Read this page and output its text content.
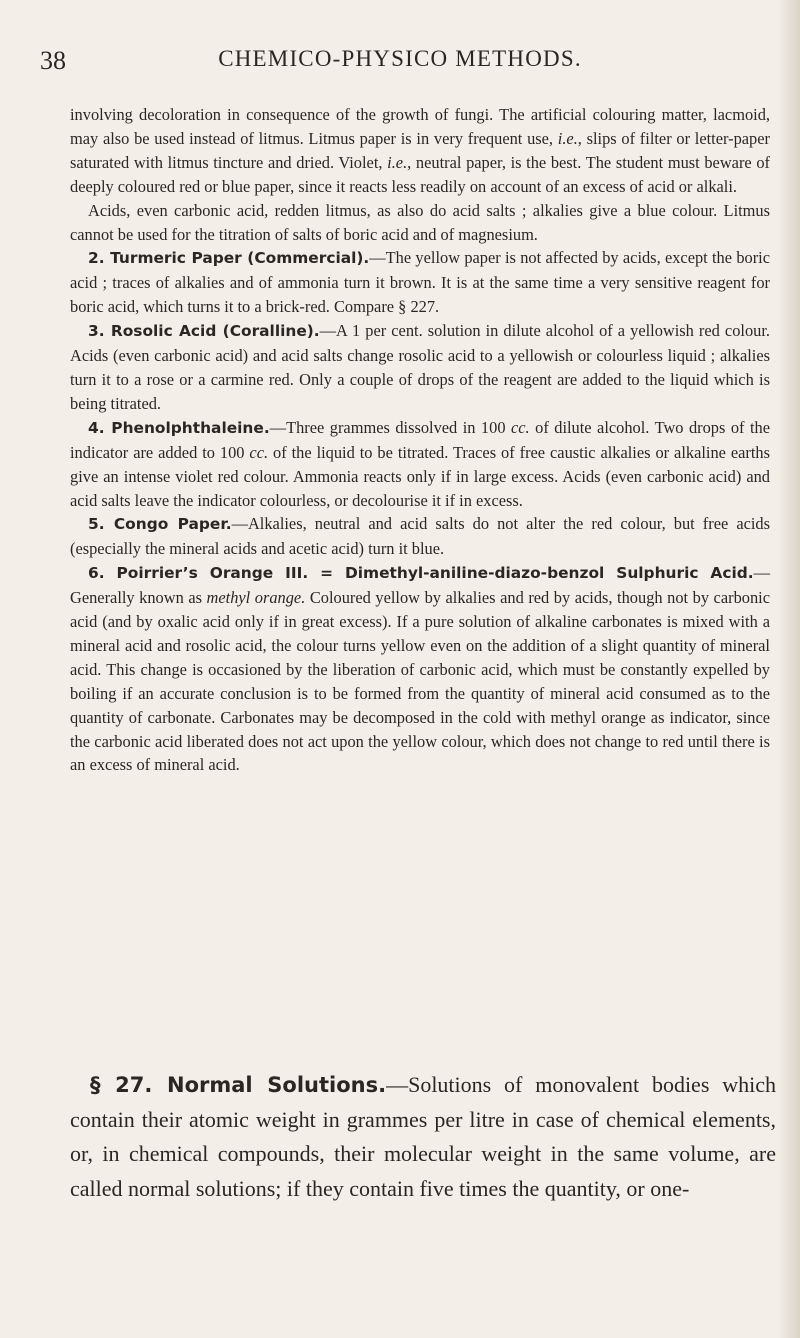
38	CHEMICO-PHYSICO METHODS.

involving decoloration in consequence of the growth of fungi. The artificial colouring matter, lacmoid, may also be used instead of litmus. Litmus paper is in very frequent use, i.e., slips of filter or letter-paper saturated with litmus tincture and dried. Violet, i.e., neutral paper, is the best. The student must beware of deeply coloured red or blue paper, since it reacts less readily on account of an excess of acid or alkali.

Acids, even carbonic acid, redden litmus, as also do acid salts ; alkalies give a blue colour. Litmus cannot be used for the titration of salts of boric acid and of magnesium.

2. Turmeric Paper (Commercial).—The yellow paper is not affected by acids, except the boric acid ; traces of alkalies and of ammonia turn it brown. It is at the same time a very sensitive reagent for boric acid, which turns it to a brick-red. Compare § 227.

3. Rosolic Acid (Coralline).—A 1 per cent. solution in dilute alcohol of a yellowish red colour. Acids (even carbonic acid) and acid salts change rosolic acid to a yellowish or colourless liquid ; alkalies turn it to a rose or a carmine red. Only a couple of drops of the reagent are added to the liquid which is being titrated.

4. Phenolphthaleine.—Three grammes dissolved in 100 cc. of dilute alcohol. Two drops of the indicator are added to 100 cc. of the liquid to be titrated. Traces of free caustic alkalies or alkaline earths give an intense violet red colour. Ammonia reacts only if in large excess. Acids (even carbonic acid) and acid salts leave the indicator colourless, or decolourise it if in excess.

5. Congo Paper.—Alkalies, neutral and acid salts do not alter the red colour, but free acids (especially the mineral acids and acetic acid) turn it blue.

6. Poirrier’s Orange III. = Dimethyl-aniline-diazo-benzol Sulphuric Acid.—Generally known as methyl orange. Coloured yellow by alkalies and red by acids, though not by carbonic acid (and by oxalic acid only if in great excess). If a pure solution of alkaline carbonates is mixed with a mineral acid and rosolic acid, the colour turns yellow even on the addition of a slight quantity of mineral acid. This change is occasioned by the liberation of carbonic acid, which must be constantly expelled by boiling if an accurate conclusion is to be formed from the quantity of mineral acid consumed as to the quantity of carbonate. Carbonates may be decomposed in the cold with methyl orange as indicator, since the carbonic acid liberated does not act upon the yellow colour, which does not change to red until there is an excess of mineral acid.

§ 27. Normal Solutions.—Solutions of monovalent bodies which contain their atomic weight in grammes per litre in case of chemical elements, or, in chemical compounds, their molecular weight in the same volume, are called normal solutions; if they contain five times the quantity, or one-
